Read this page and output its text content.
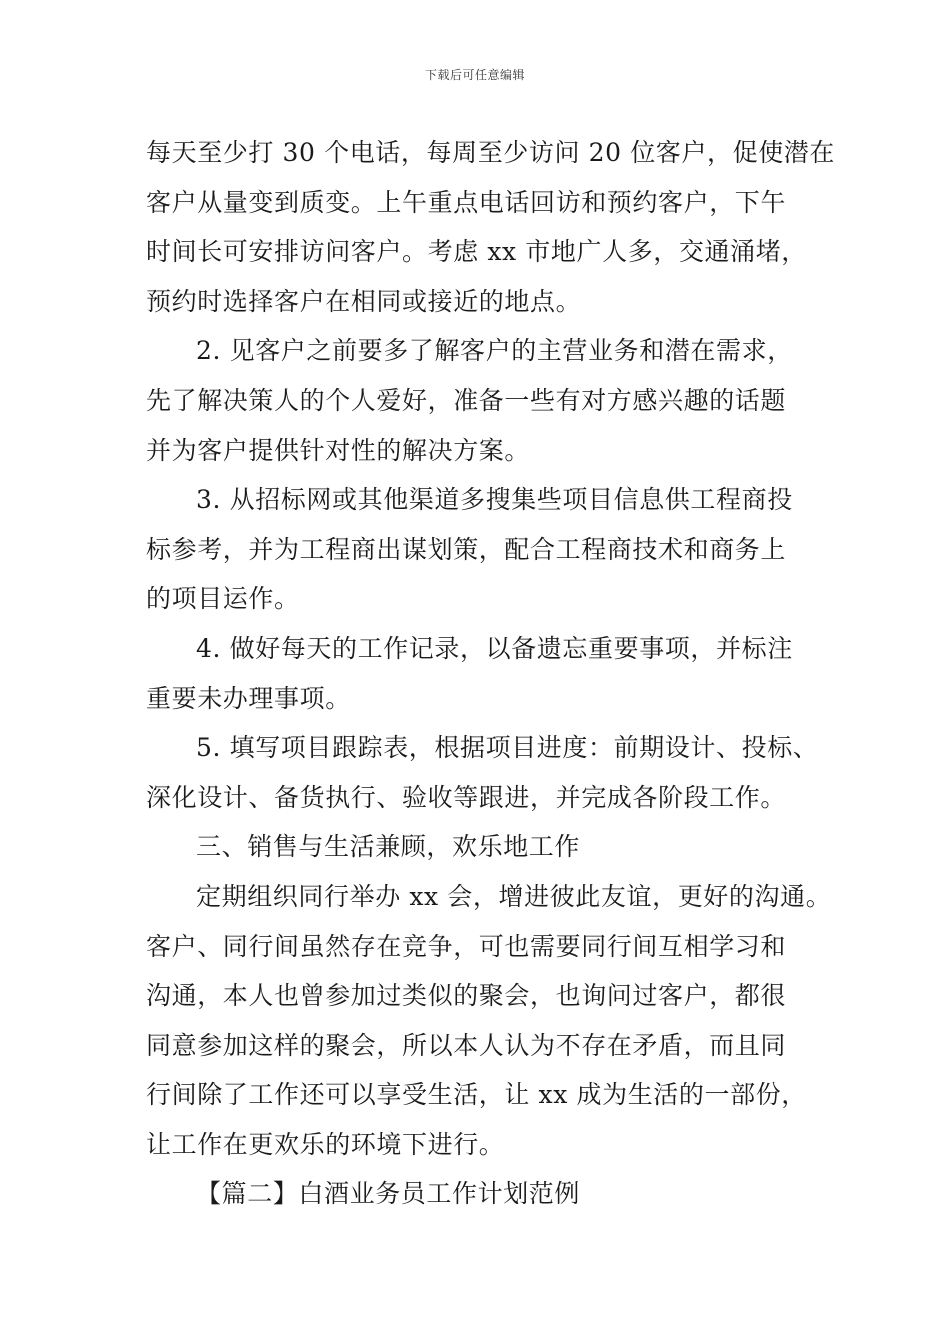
下载后可任意编辑
每天至少打 30 个电话，每周至少访问 20 位客户，促使潜在
客户从量变到质变。上午重点电话回访和预约客户，下午
时间长可安排访问客户。考虑 xx 市地广人多，交通涌堵，
预约时选择客户在相同或接近的地点。
2. 见客户之前要多了解客户的主营业务和潜在需求，
先了解决策人的个人爱好，准备一些有对方感兴趣的话题
并为客户提供针对性的解决方案。
3. 从招标网或其他渠道多搜集些项目信息供工程商投
标参考，并为工程商出谋划策，配合工程商技术和商务上
的项目运作。
4. 做好每天的工作记录，以备遗忘重要事项，并标注
重要未办理事项。
5. 填写项目跟踪表，根据项目进度：前期设计、投标、
深化设计、备货执行、验收等跟进，并完成各阶段工作。
三、销售与生活兼顾，欢乐地工作
定期组织同行举办 xx 会，增进彼此友谊，更好的沟通。
客户、同行间虽然存在竞争，可也需要同行间互相学习和
沟通，本人也曾参加过类似的聚会，也询问过客户，都很
同意参加这样的聚会，所以本人认为不存在矛盾，而且同
行间除了工作还可以享受生活，让 xx 成为生活的一部份，
让工作在更欢乐的环境下进行。
【篇二】白酒业务员工作计划范例
